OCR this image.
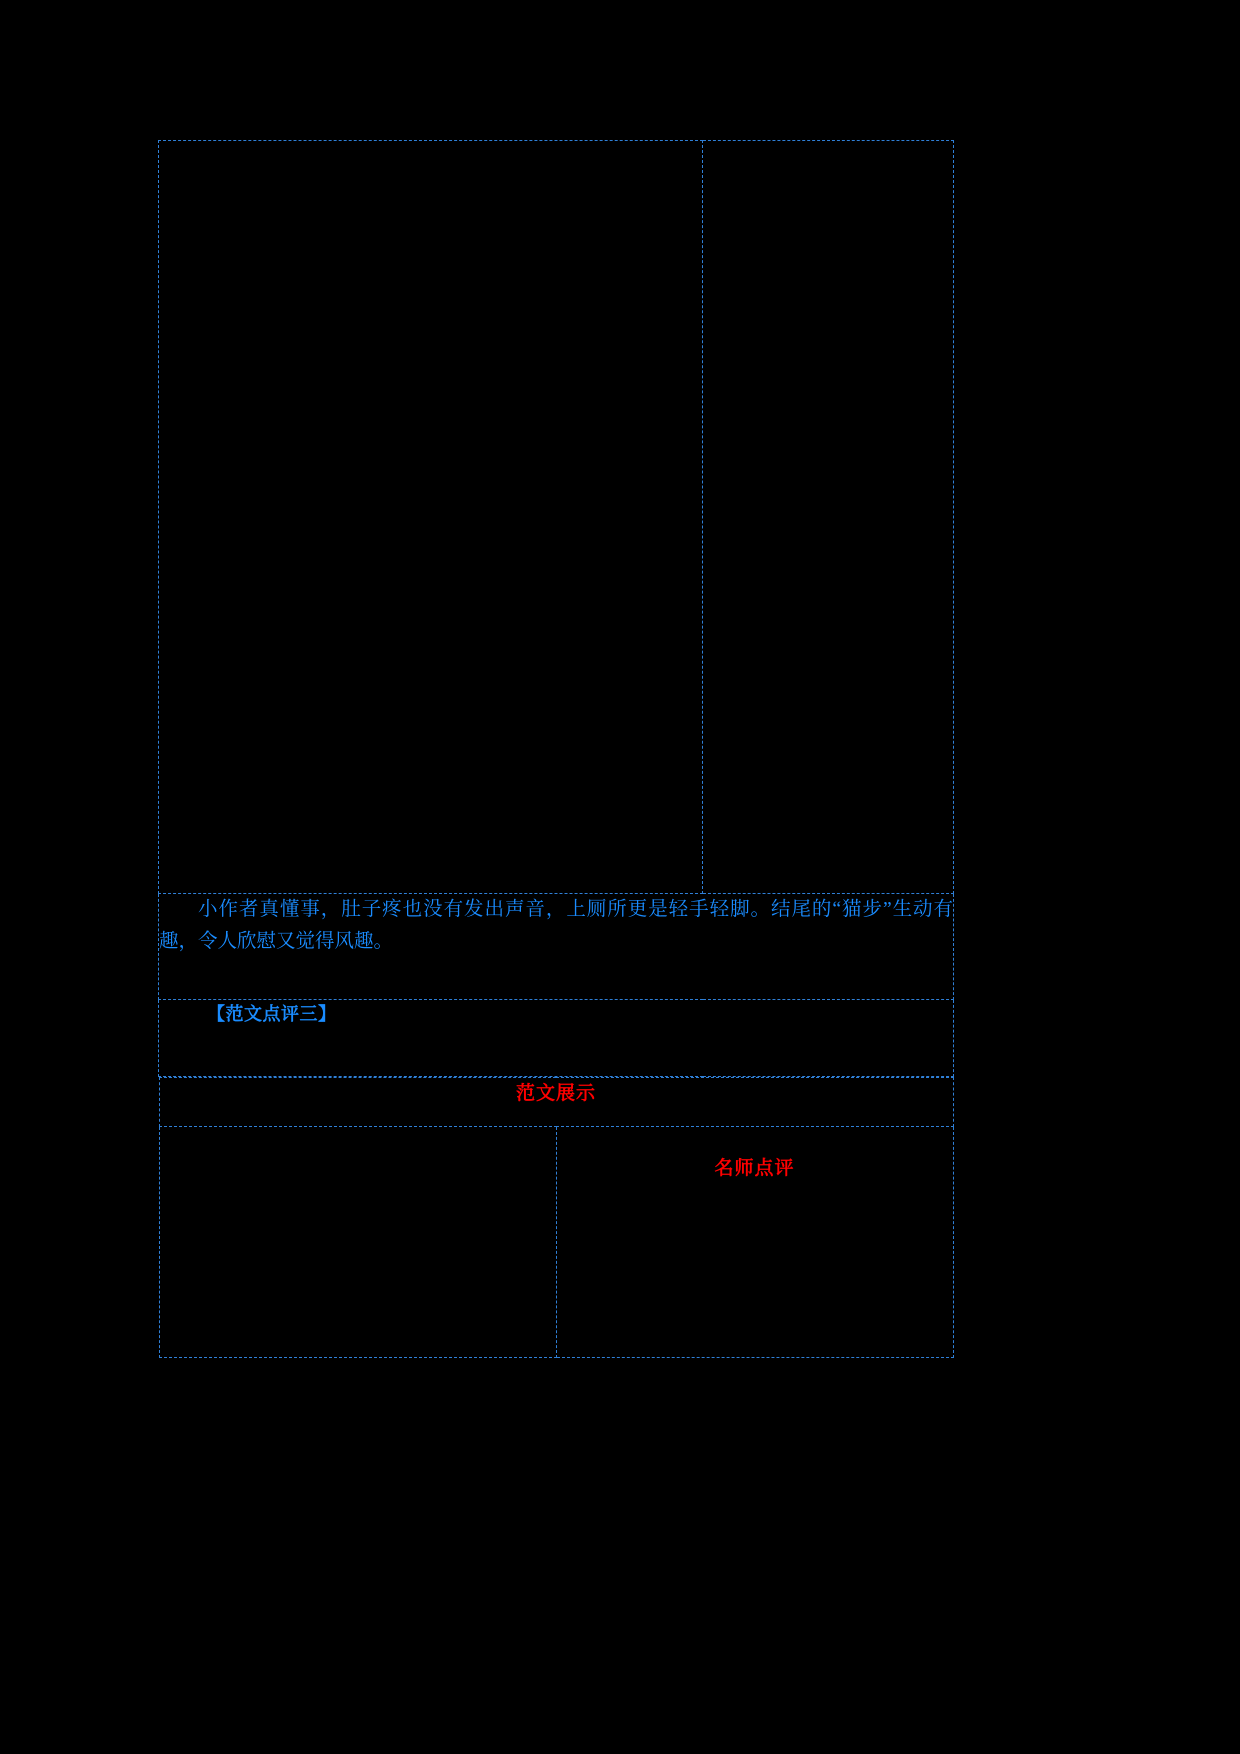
小作者真懂事，肚子疼也没有发出声音，上厕所更是轻手轻脚。结尾的“猫步”生动有趣，令人欣慰又觉得风趣。

【范文点评三】

范文展示

名师点评
